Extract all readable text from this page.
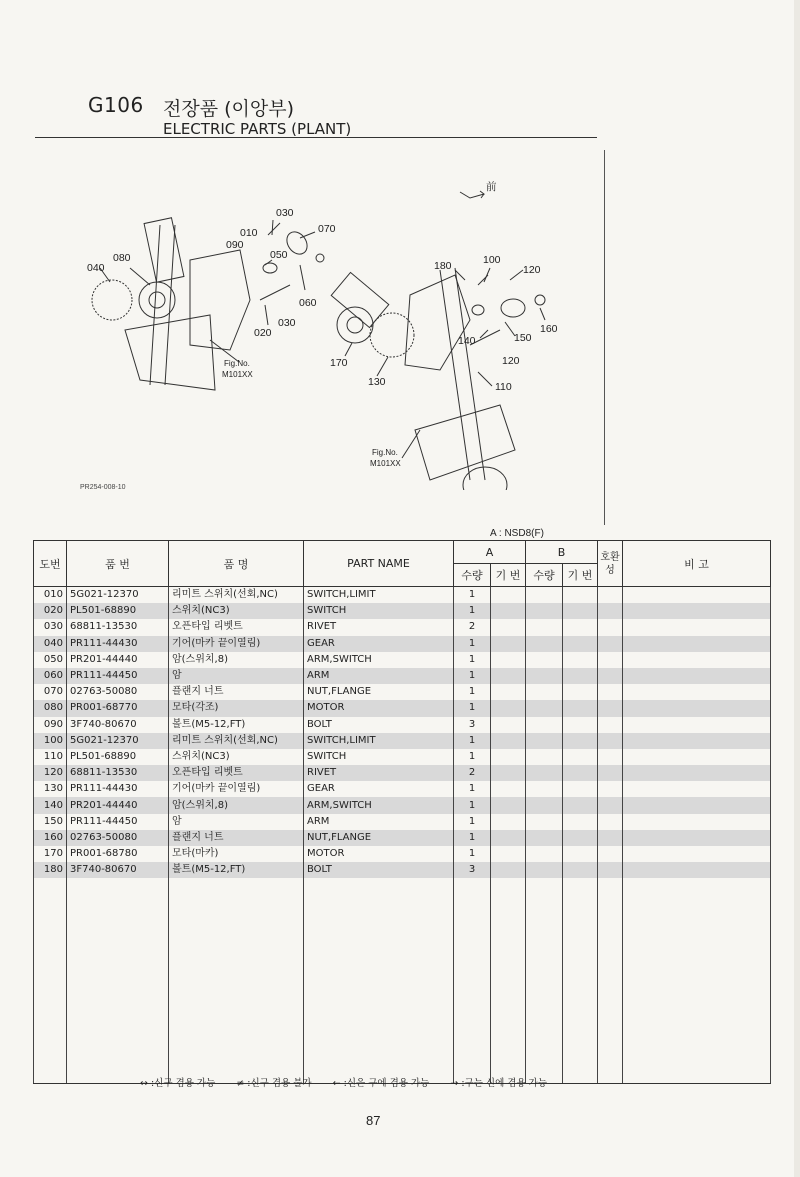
G106 전장품 (이앙부)
ELECTRIC PARTS (PLANT)
030
070
010
090
050
080
040
060
020
030
180	100
120
160
150
140
120
170
130	110
Fig.No.
M101XX
Fig.No.
M101XX
前
PR254-008-10
A : NSD8(F)
도번	품 번	품 명	PART NAME	A		B		호환성	비 고
				수량	기 번	수량	기 번		
010	5G021-12370	리미트 스위치(선회,NC)	SWITCH,LIMIT	1					
020	PL501-68890	스위치(NC3)	SWITCH	1					
030	68811-13530	오픈타입 리벳트	RIVET	2					
040	PR111-44430	기어(마카 끝이열림)	GEAR	1					
050	PR201-44440	암(스위치,8)	ARM,SWITCH	1					
060	PR111-44450	암	ARM	1					
070	02763-50080	플랜지 너트	NUT,FLANGE	1					
080	PR001-68770	모타(각조)	MOTOR	1					
090	3F740-80670	볼트(M5-12,FT)	BOLT	3					
100	5G021-12370	리미트 스위치(선회,NC)	SWITCH,LIMIT	1					
110	PL501-68890	스위치(NC3)	SWITCH	1					
120	68811-13530	오픈타입 리벳트	RIVET	2					
130	PR111-44430	기어(마카 끝이열림)	GEAR	1					
140	PR201-44440	암(스위치,8)	ARM,SWITCH	1					
150	PR111-44450	암	ARM	1					
160	02763-50080	플랜지 너트	NUT,FLANGE	1					
170	PR001-68780	모타(마카)	MOTOR	1					
180	3F740-80670	볼트(M5-12,FT)	BOLT	3					

↔ :신구 겸용 가능 ≠ :신구 겸용 불가 ← :신은 구에 겸용 가능 → :구는 신에 겸용 가능
87
